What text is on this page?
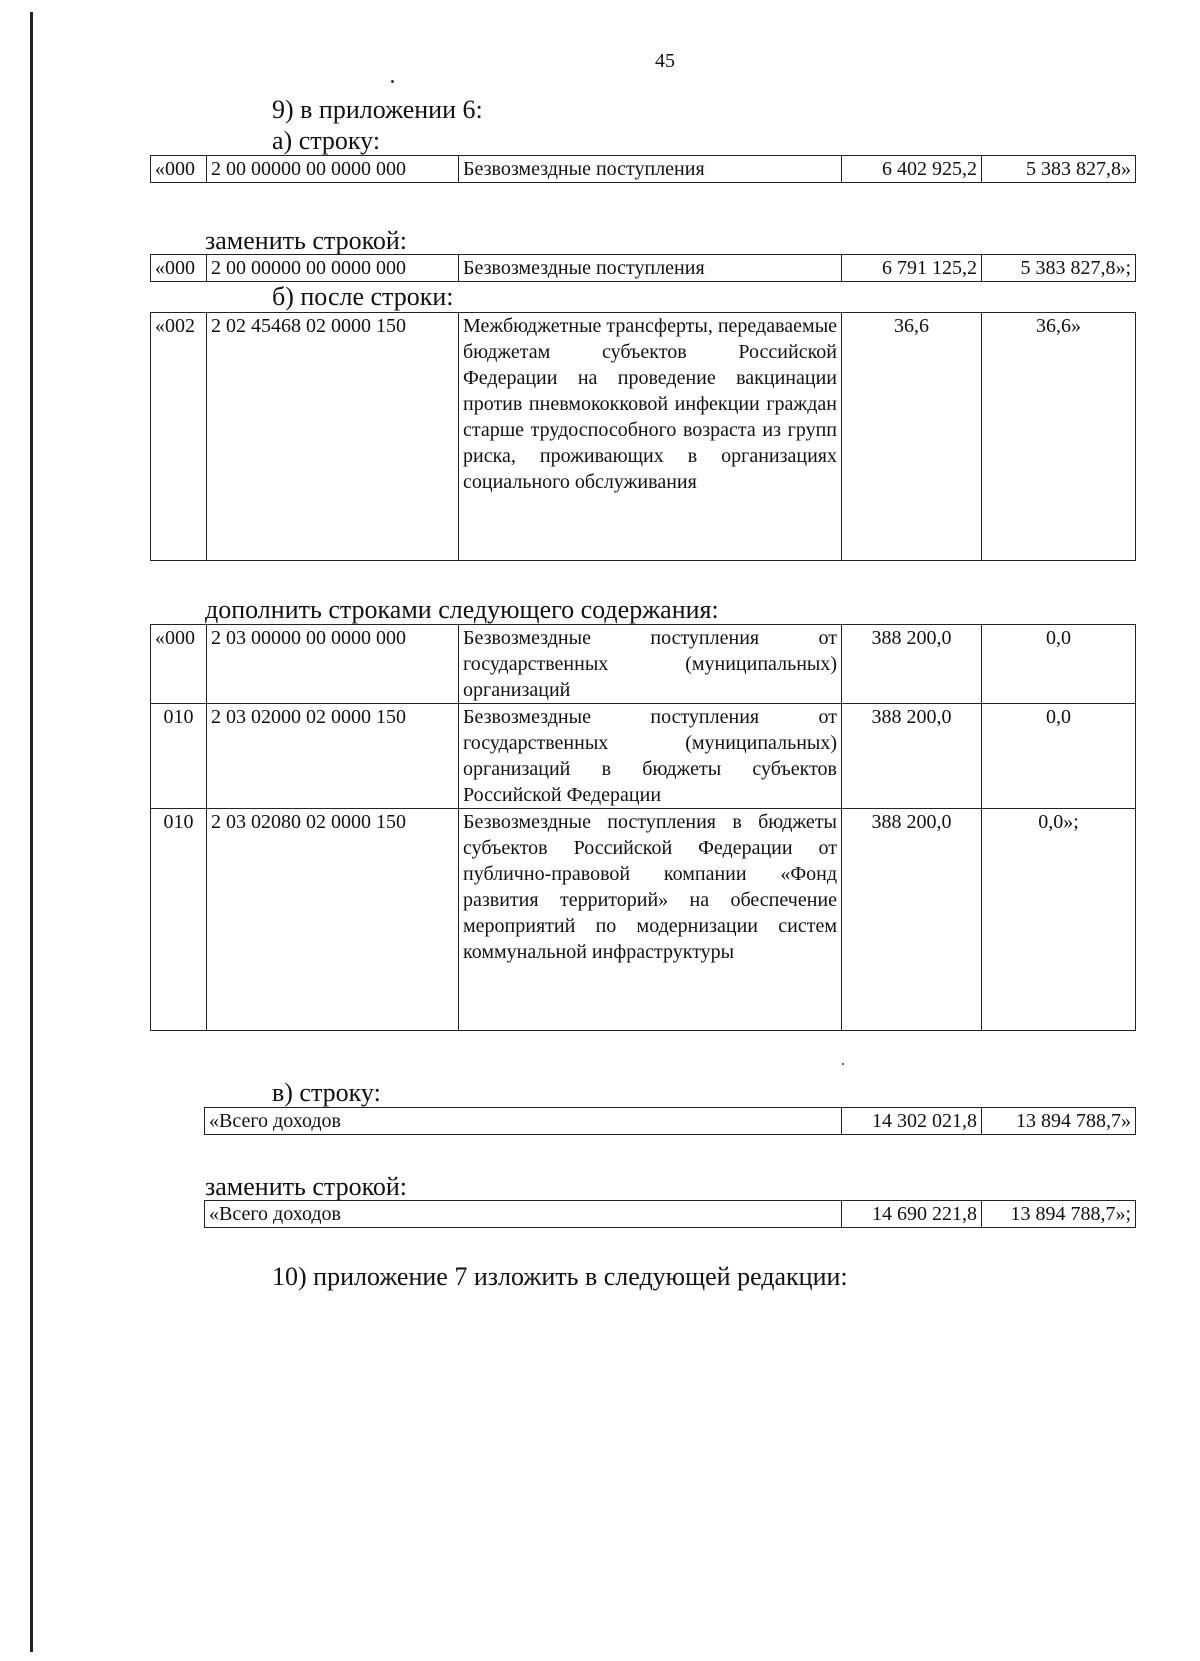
45
9) в приложении 6:
а) строку:
«000	2 00 00000 00 0000 000	Безвозмездные поступления	6 402 925,2	5 383 827,8»
заменить строкой:
«000	2 00 00000 00 0000 000	Безвозмездные поступления	6 791 125,2	5 383 827,8»;
б) после строки:
«002	2 02 45468 02 0000 150	Межбюджетные трансферты, передаваемые бюджетам субъектов Российской Федерации на проведение вакцинации против пневмококковой инфекции граждан старше трудоспособного возраста из групп риска, проживающих в организациях социального обслуживания	36,6	36,6»
дополнить строками следующего содержания:
«000	2 03 00000 00 0000 000	Безвозмездные поступления от государственных (муниципальных) организаций	388 200,0	0,0
010	2 03 02000 02 0000 150	Безвозмездные поступления от государственных (муниципальных) организаций в бюджеты субъектов Российской Федерации	388 200,0	0,0
010	2 03 02080 02 0000 150	Безвозмездные поступления в бюджеты субъектов Российской Федерации от публично-правовой компании «Фонд развития территорий» на обеспечение мероприятий по модернизации систем коммунальной инфраструктуры	388 200,0	0,0»;
в) строку:
«Всего доходов	14 302 021,8	13 894 788,7»
заменить строкой:
«Всего доходов	14 690 221,8	13 894 788,7»;
10) приложение 7 изложить в следующей редакции:
